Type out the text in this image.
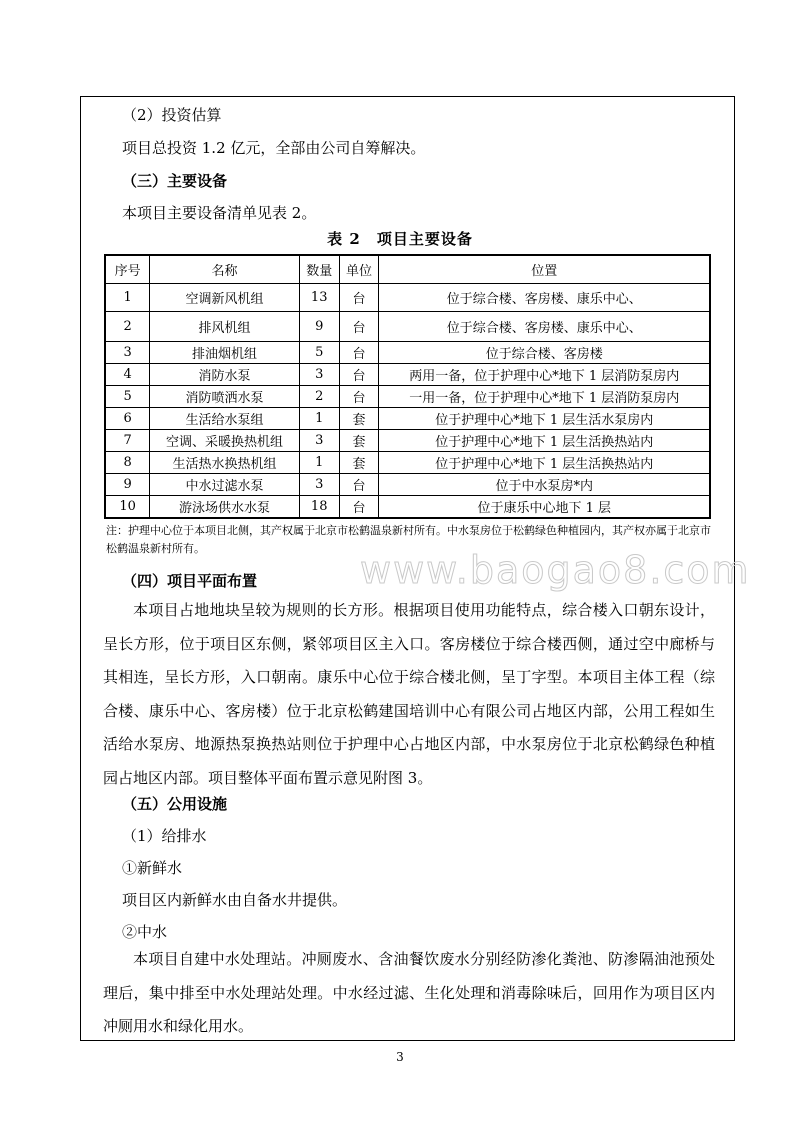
（2）投资估算
项目总投资 1.2 亿元，全部由公司自筹解决。
（三）主要设备
本项目主要设备清单见表 2。
表 2　项目主要设备
序号	名称	数量	单位	位置
1	空调新风机组	13	台	位于综合楼、客房楼、康乐中心、
2	排风机组	9	台	位于综合楼、客房楼、康乐中心、
3	排油烟机组	5	台	位于综合楼、客房楼
4	消防水泵	3	台	两用一备，位于护理中心*地下 1 层消防泵房内
5	消防喷洒水泵	2	台	一用一备，位于护理中心*地下 1 层消防泵房内
6	生活给水泵组	1	套	位于护理中心*地下 1 层生活水泵房内
7	空调、采暖换热机组	3	套	位于护理中心*地下 1 层生活换热站内
8	生活热水换热机组	1	套	位于护理中心*地下 1 层生活换热站内
9	中水过滤水泵	3	台	位于中水泵房*内
10	游泳场供水水泵	18	台	位于康乐中心地下 1 层

注：护理中心位于本项目北侧，其产权属于北京市松鹤温泉新村所有。中水泵房位于松鹤绿色种植园内，其产权亦属于北京市松鹤温泉新村所有。	www.baogao8.com
（四）项目平面布置

本项目占地地块呈较为规则的长方形。根据项目使用功能特点，综合楼入口朝东设计，呈长方形，位于项目区东侧，紧邻项目区主入口。客房楼位于综合楼西侧，通过空中廊桥与其相连，呈长方形，入口朝南。康乐中心位于综合楼北侧，呈丁字型。本项目主体工程（综合楼、康乐中心、客房楼）位于北京松鹤建国培训中心有限公司占地区内部，公用工程如生活给水泵房、地源热泵换热站则位于护理中心占地区内部，中水泵房位于北京松鹤绿色种植园占地区内部。项目整体平面布置示意见附图 3。

（五）公用设施
（1）给排水
①新鲜水
项目区内新鲜水由自备水井提供。
②中水

本项目自建中水处理站。冲厕废水、含油餐饮废水分别经防渗化粪池、防渗隔油池预处理后，集中排至中水处理站处理。中水经过滤、生化处理和消毒除味后，回用作为项目区内冲厕用水和绿化用水。

3
